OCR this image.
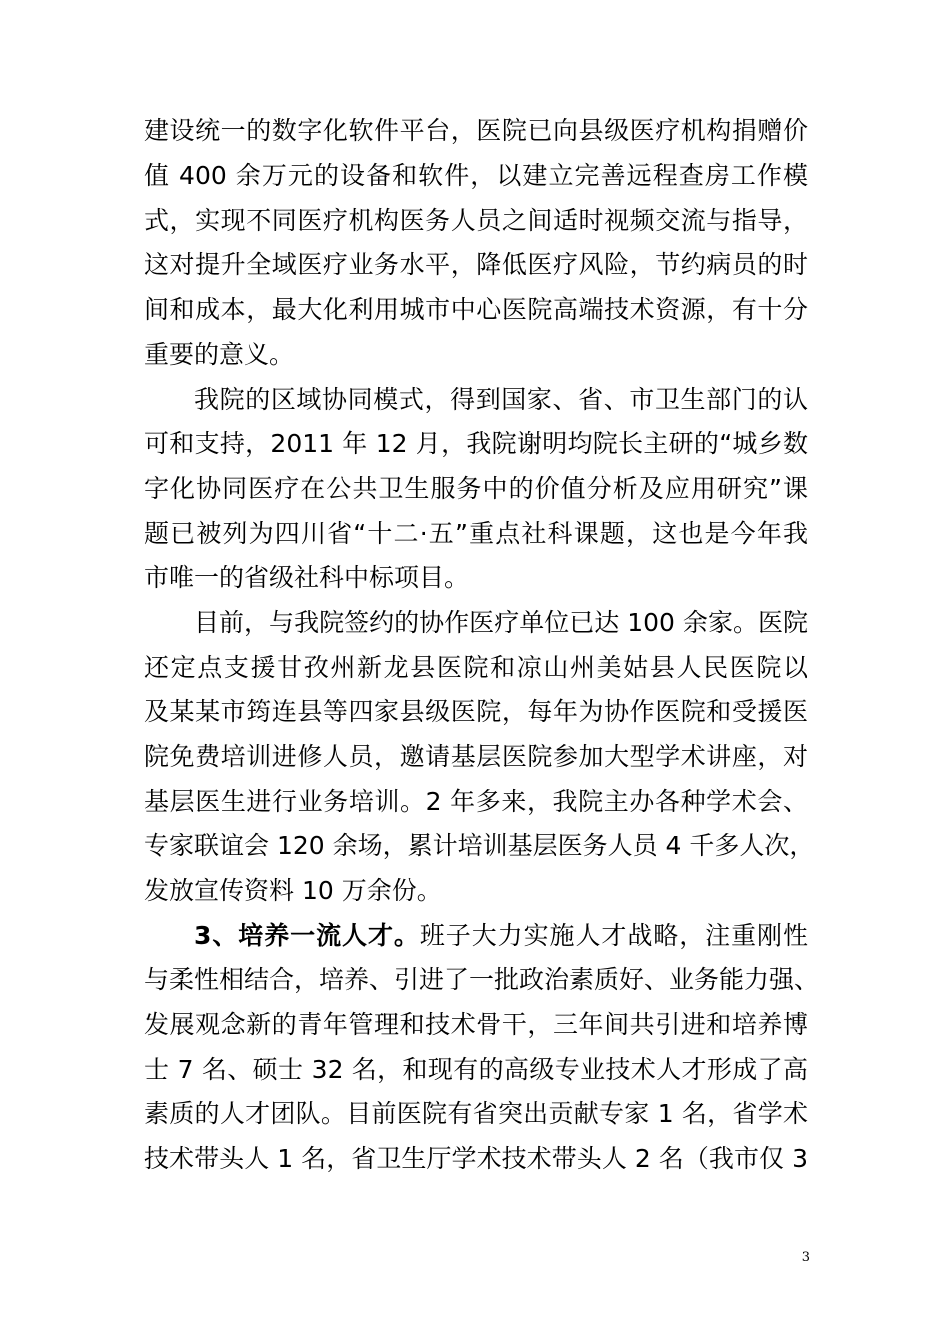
建设统一的数字化软件平台，医院已向县级医疗机构捐赠价
值 400 余万元的设备和软件，以建立完善远程查房工作模
式，实现不同医疗机构医务人员之间适时视频交流与指导，
这对提升全域医疗业务水平，降低医疗风险，节约病员的时
间和成本，最大化利用城市中心医院高端技术资源，有十分
重要的意义。
我院的区域协同模式，得到国家、省、市卫生部门的认
可和支持，2011 年 12 月，我院谢明均院长主研的“城乡数
字化协同医疗在公共卫生服务中的价值分析及应用研究”课
题已被列为四川省“十二·五”重点社科课题，这也是今年我
市唯一的省级社科中标项目。
目前，与我院签约的协作医疗单位已达 100 余家。医院
还定点支援甘孜州新龙县医院和凉山州美姑县人民医院以
及某某市筠连县等四家县级医院，每年为协作医院和受援医
院免费培训进修人员，邀请基层医院参加大型学术讲座，对
基层医生进行业务培训。2 年多来，我院主办各种学术会、
专家联谊会 120 余场，累计培训基层医务人员 4 千多人次，
发放宣传资料 10 万余份。
3、培养一流人才。班子大力实施人才战略，注重刚性
与柔性相结合，培养、引进了一批政治素质好、业务能力强、
发展观念新的青年管理和技术骨干，三年间共引进和培养博
士 7 名、硕士 32 名，和现有的高级专业技术人才形成了高
素质的人才团队。目前医院有省突出贡献专家 1 名，省学术
技术带头人 1 名，省卫生厅学术技术带头人 2 名（我市仅 3
3
